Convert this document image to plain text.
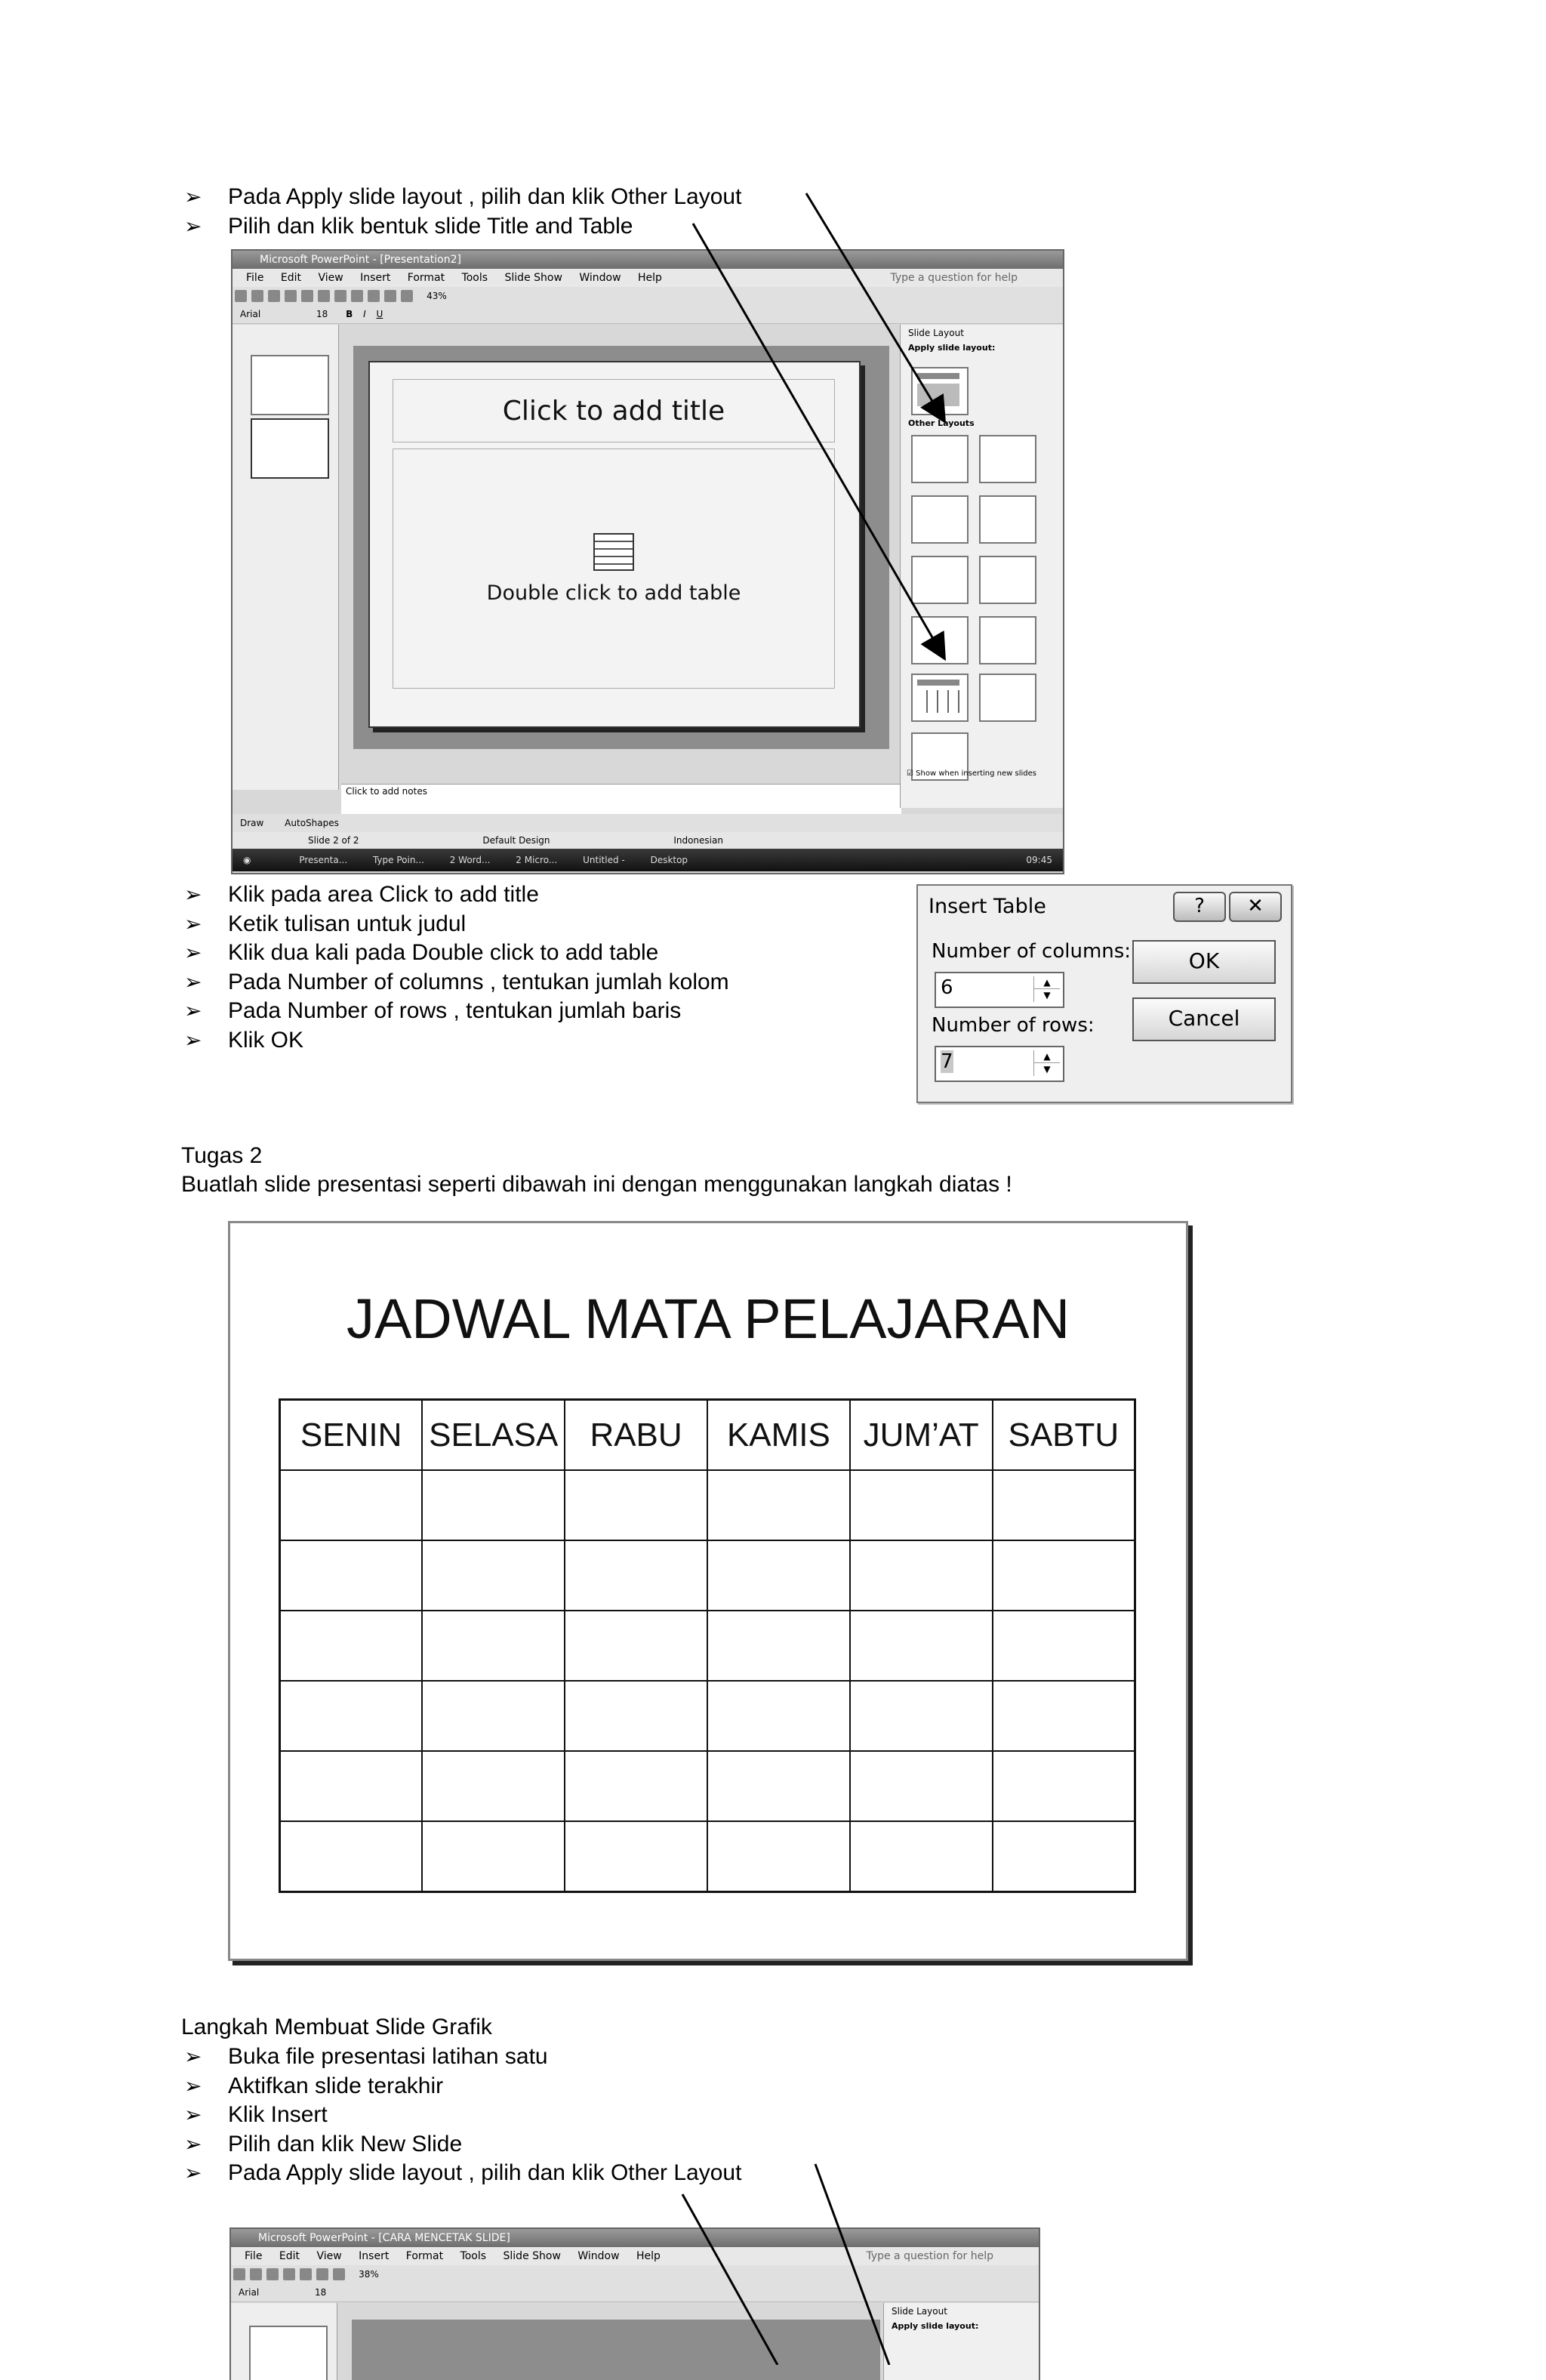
➢ Pada Apply slide layout , pilih dan klik Other Layout
➢ Pilih dan klik bentuk slide Title and Table
Microsoft PowerPoint - [Presentation2]
File Edit View Insert Format Tools Slide Show Window Help	Type a question for help
$^{43\%}$
Arial	18 B I U
Click to add title
Double click to add table
Click to add notes
Slide Layout
Apply slide layout:
Other Layouts
☑ Show when inserting new slides
Draw AutoShapes
Slide 2 of 2	Default Design	Indonesian
◉	Presenta...	Type Poin...	2 Word...	2 Micro...	Untitled -	Desktop	09:45
➢ Klik pada area Click to add title
➢ Ketik tulisan untuk judul
➢ Klik dua kali pada Double click to add table
➢ Pada Number of columns , tentukan jumlah kolom
➢ Pada Number of rows , tentukan jumlah baris
➢ Klik OK
Insert Table	?	✕
Number of columns:
6	▲
▼
Number of rows:
7	▲
▼
OK
Cancel
Tugas 2
Buatlah slide presentasi seperti dibawah ini dengan menggunakan langkah diatas !
JADWAL MATA PELAJARAN
SENIN	SELASA	RABU	KAMIS	JUM’AT	SABTU

Langkah Membuat Slide Grafik
➢ Buka file presentasi latihan satu
➢ Aktifkan slide terakhir
➢ Klik Insert
➢ Pilih dan klik New Slide
➢ Pada Apply slide layout , pilih dan klik Other Layout
Microsoft PowerPoint - [CARA MENCETAK SLIDE]
File Edit View Insert Format Tools Slide Show Window Help	Type a question for help
$^{38\%}$
Arial	18
Slide Layout
Apply slide layout:
